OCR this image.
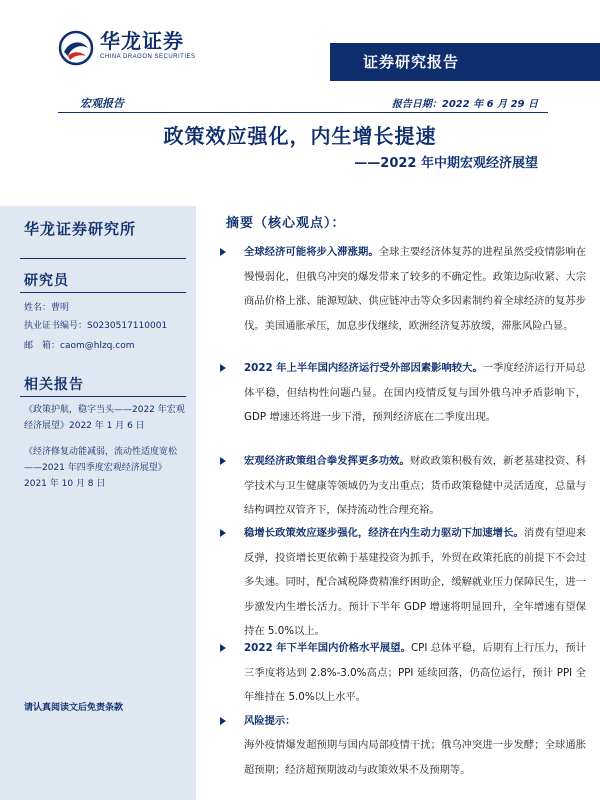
华龙证券
CHINA DRAGON SECURITIES	证券研究报告
宏观报告	报告日期：2022 年 6 月 29 日
政策效应强化，内生增长提速
——2022 年中期宏观经济展望
华龙证券研究所
研究员
姓名：曹明
执业证书编号：S0230517110001
邮　箱：caom@hlzq.com
相关报告
《政策护航，稳字当头——2022 年宏观经济展望》2022 年 1 月 6 日
《经济修复动能减弱，流动性适度宽松——2021 年四季度宏观经济展望》2021 年 10 月 8 日
请认真阅读文后免责条款
摘要（核心观点）：
全球经济可能将步入滞涨期。全球主要经济体复苏的进程虽然受疫情影响在慢慢弱化，但俄乌冲突的爆发带来了较多的不确定性。政策边际收紧、大宗商品价格上涨、能源短缺、供应链冲击等众多因素制约着全球经济的复苏步伐。美国通胀承压，加息步伐继续，欧洲经济复苏放缓，滞胀风险凸显。
2022 年上半年国内经济运行受外部因素影响较大。一季度经济运行开局总体平稳，但结构性问题凸显。在国内疫情反复与国外俄乌冲矛盾影响下，GDP 增速还将进一步下滑，预判经济底在二季度出现。
宏观经济政策组合拳发挥更多功效。财政政策积极有效，新老基建投资、科学技术与卫生健康等领域仍为支出重点；货币政策稳健中灵活适度，总量与结构调控双管齐下，保持流动性合理充裕。
稳增长政策效应逐步强化，经济在内生动力驱动下加速增长。消费有望迎来反弹，投资增长更依赖于基建投资为抓手，外贸在政策托底的前提下不会过多失速。同时，配合减税降费精准纾困助企，缓解就业压力保障民生，进一步激发内生增长活力。预计下半年 GDP 增速将明显回升，全年增速有望保持在 5.0%以上。
2022 年下半年国内价格水平展望。CPI 总体平稳，后期有上行压力，预计三季度将达到 2.8%-3.0%高点；PPI 延续回落，仍高位运行，预计 PPI 全年维持在 5.0%以上水平。
风险提示：
海外疫情爆发超预期与国内局部疫情干扰；俄乌冲突进一步发酵；全球通胀超预期；经济超预期波动与政策效果不及预期等。
